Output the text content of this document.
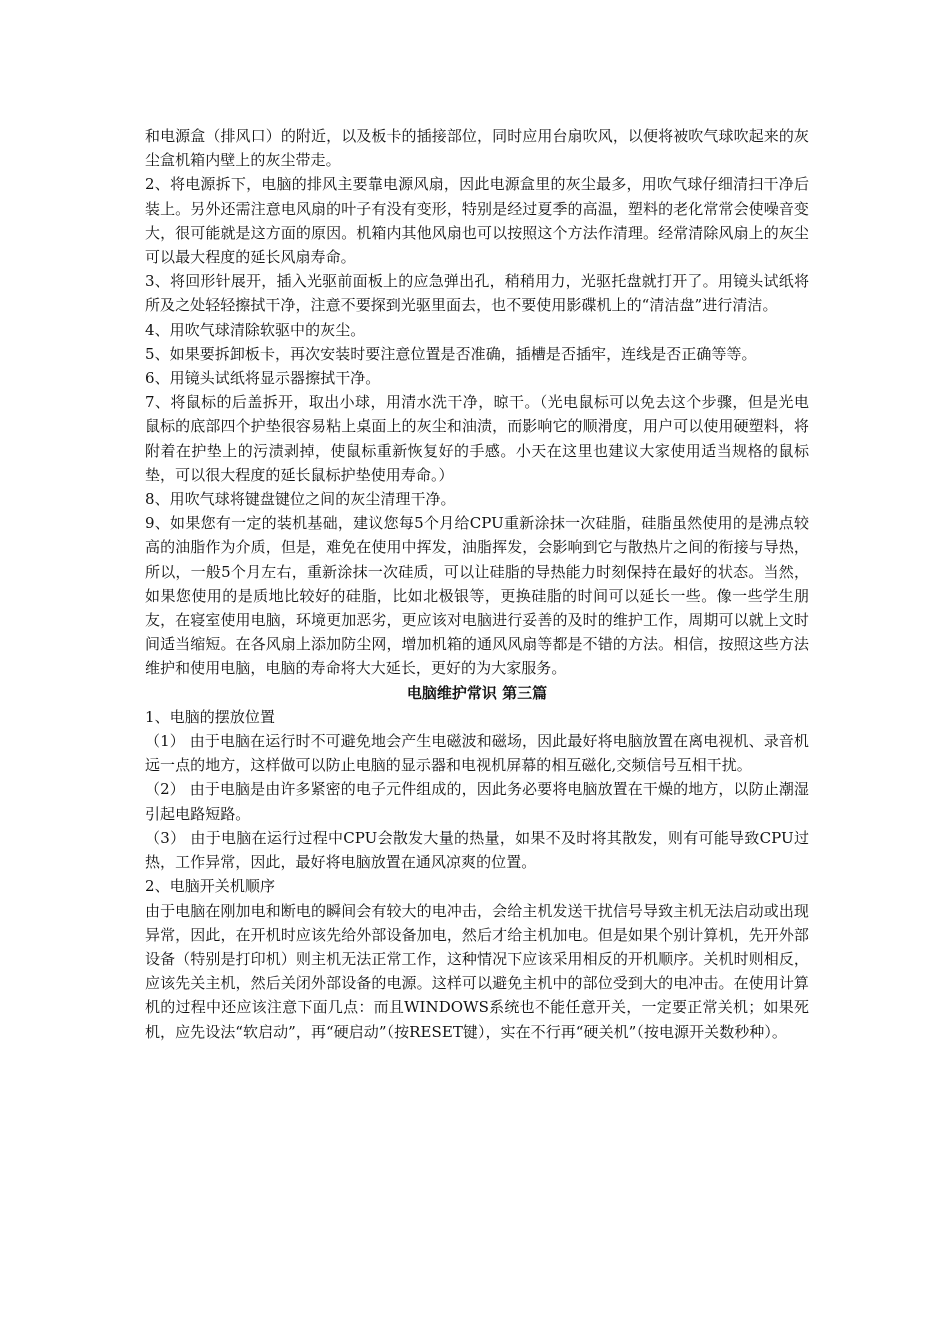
和电源盒（排风口）的附近，以及板卡的插接部位，同时应用台扇吹风，以便将被吹气球吹起来的灰尘盒机箱内壁上的灰尘带走。

2、将电源拆下，电脑的排风主要靠电源风扇，因此电源盒里的灰尘最多，用吹气球仔细清扫干净后装上。另外还需注意电风扇的叶子有没有变形，特别是经过夏季的高温，塑料的老化常常会使噪音变大，很可能就是这方面的原因。机箱内其他风扇也可以按照这个方法作清理。经常清除风扇上的灰尘可以最大程度的延长风扇寿命。

3、将回形针展开，插入光驱前面板上的应急弹出孔，稍稍用力，光驱托盘就打开了。用镜头试纸将所及之处轻轻擦拭干净，注意不要探到光驱里面去，也不要使用影碟机上的“清洁盘”进行清洁。

4、用吹气球清除软驱中的灰尘。

5、如果要拆卸板卡，再次安装时要注意位置是否准确，插槽是否插牢，连线是否正确等等。

6、用镜头试纸将显示器擦拭干净。

7、将鼠标的后盖拆开，取出小球，用清水洗干净，晾干。（光电鼠标可以免去这个步骤，但是光电鼠标的底部四个护垫很容易粘上桌面上的灰尘和油渍，而影响它的顺滑度，用户可以使用硬塑料，将附着在护垫上的污渍剥掉，使鼠标重新恢复好的手感。小天在这里也建议大家使用适当规格的鼠标垫，可以很大程度的延长鼠标护垫使用寿命。）

8、用吹气球将键盘键位之间的灰尘清理干净。

9、如果您有一定的装机基础，建议您每5个月给CPU重新涂抹一次硅脂，硅脂虽然使用的是沸点较高的油脂作为介质，但是，难免在使用中挥发，油脂挥发，会影响到它与散热片之间的衔接与导热，所以，一般5个月左右，重新涂抹一次硅质，可以让硅脂的导热能力时刻保持在最好的状态。当然，如果您使用的是质地比较好的硅脂，比如北极银等，更换硅脂的时间可以延长一些。像一些学生朋友，在寝室使用电脑，环境更加恶劣，更应该对电脑进行妥善的及时的维护工作，周期可以就上文时间适当缩短。在各风扇上添加防尘网，增加机箱的通风风扇等都是不错的方法。相信，按照这些方法维护和使用电脑，电脑的寿命将大大延长，更好的为大家服务。

电脑维护常识 第三篇

1、电脑的摆放位置

（1） 由于电脑在运行时不可避免地会产生电磁波和磁场，因此最好将电脑放置在离电视机、录音机远一点的地方，这样做可以防止电脑的显示器和电视机屏幕的相互磁化,交频信号互相干扰。

（2） 由于电脑是由许多紧密的电子元件组成的，因此务必要将电脑放置在干燥的地方，以防止潮湿引起电路短路。

（3） 由于电脑在运行过程中CPU会散发大量的热量，如果不及时将其散发，则有可能导致CPU过热，工作异常，因此，最好将电脑放置在通风凉爽的位置。

2、电脑开关机顺序

由于电脑在刚加电和断电的瞬间会有较大的电冲击，会给主机发送干扰信号导致主机无法启动或出现异常，因此，在开机时应该先给外部设备加电，然后才给主机加电。但是如果个别计算机，先开外部设备（特别是打印机）则主机无法正常工作，这种情况下应该采用相反的开机顺序。关机时则相反，应该先关主机，然后关闭外部设备的电源。这样可以避免主机中的部位受到大的电冲击。在使用计算机的过程中还应该注意下面几点：而且WINDOWS系统也不能任意开关，一定要正常关机；如果死机，应先设法“软启动”，再“硬启动”（按RESET键），实在不行再“硬关机”（按电源开关数秒种）。
